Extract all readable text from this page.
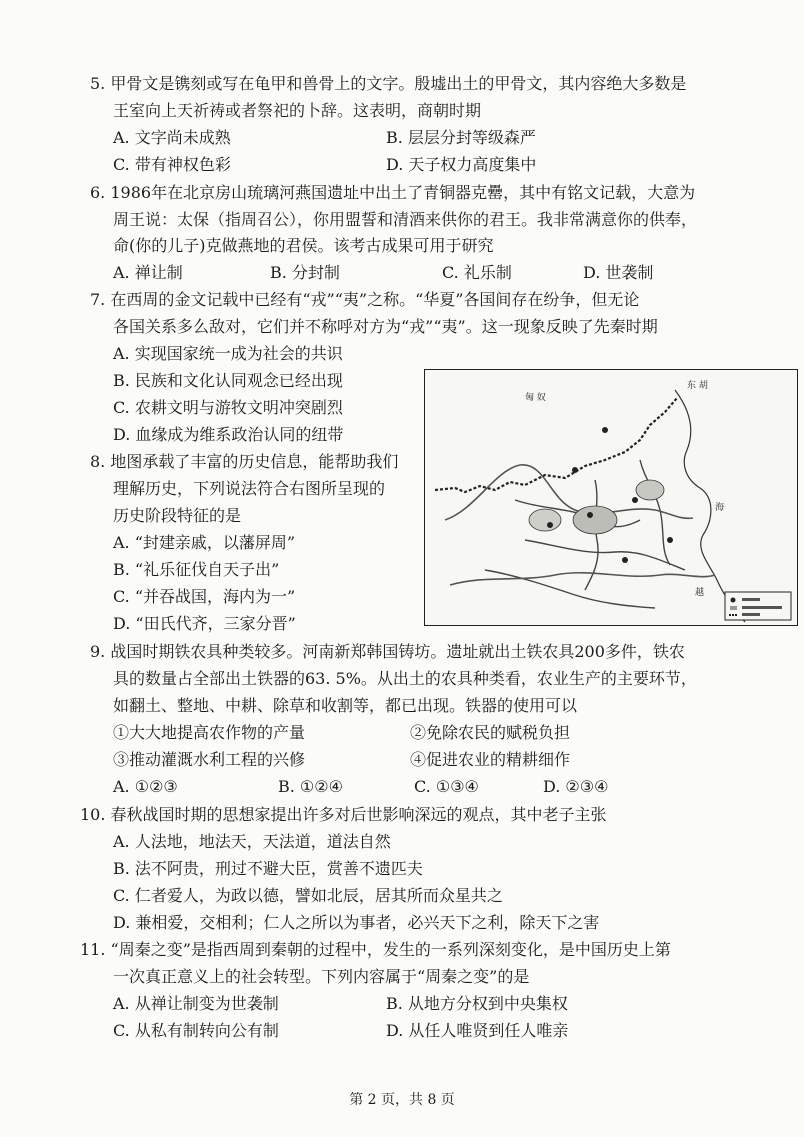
5. 甲骨文是镌刻或写在龟甲和兽骨上的文字。殷墟出土的甲骨文，其内容绝大多数是
王室向上天祈祷或者祭祀的卜辞。这表明，商朝时期
A. 文字尚未成熟	B. 层层分封等级森严
C. 带有神权色彩	D. 天子权力高度集中
6. 1986年在北京房山琉璃河燕国遗址中出土了青铜器克罍，其中有铭文记载，大意为
周王说：太保（指周召公），你用盟誓和清酒来供你的君王。我非常满意你的供奉，
命(你的儿子)克做燕地的君侯。该考古成果可用于研究
A. 禅让制	B. 分封制	C. 礼乐制	D. 世袭制
7. 在西周的金文记载中已经有“戎”“夷”之称。“华夏”各国间存在纷争，但无论
各国关系多么敌对，它们并不称呼对方为“戎”“夷”。这一现象反映了先秦时期
A. 实现国家统一成为社会的共识
B. 民族和文化认同观念已经出现
C. 农耕文明与游牧文明冲突剧烈
D. 血缘成为维系政治认同的纽带
8. 地图承载了丰富的历史信息，能帮助我们
理解历史，下列说法符合右图所呈现的
历史阶段特征的是
A. “封建亲戚，以藩屏周”
B. “礼乐征伐自天子出”
C. “并吞战国，海内为一”
D. “田氏代齐，三家分晋”
匈 奴
东 胡
海
越
9. 战国时期铁农具种类较多。河南新郑韩国铸坊。遗址就出土铁农具200多件，铁农
具的数量占全部出土铁器的63. 5%。从出土的农具种类看，农业生产的主要环节，
如翻土、整地、中耕、除草和收割等，都已出现。铁器的使用可以
①大大地提高农作物的产量	②免除农民的赋税负担
③推动灌溉水利工程的兴修	④促进农业的精耕细作
A. ①②③	B. ①②④	C. ①③④	D. ②③④
10. 春秋战国时期的思想家提出许多对后世影响深远的观点，其中老子主张
A. 人法地，地法天，天法道，道法自然
B. 法不阿贵，刑过不避大臣，赏善不遗匹夫
C. 仁者爱人，为政以德，譬如北辰，居其所而众星共之
D. 兼相爱，交相利；仁人之所以为事者，必兴天下之利，除天下之害
11. “周秦之变”是指西周到秦朝的过程中，发生的一系列深刻变化，是中国历史上第
一次真正意义上的社会转型。下列内容属于“周秦之变”的是
A. 从禅让制变为世袭制	B. 从地方分权到中央集权
C. 从私有制转向公有制	D. 从任人唯贤到任人唯亲
第 2 页，共 8 页
